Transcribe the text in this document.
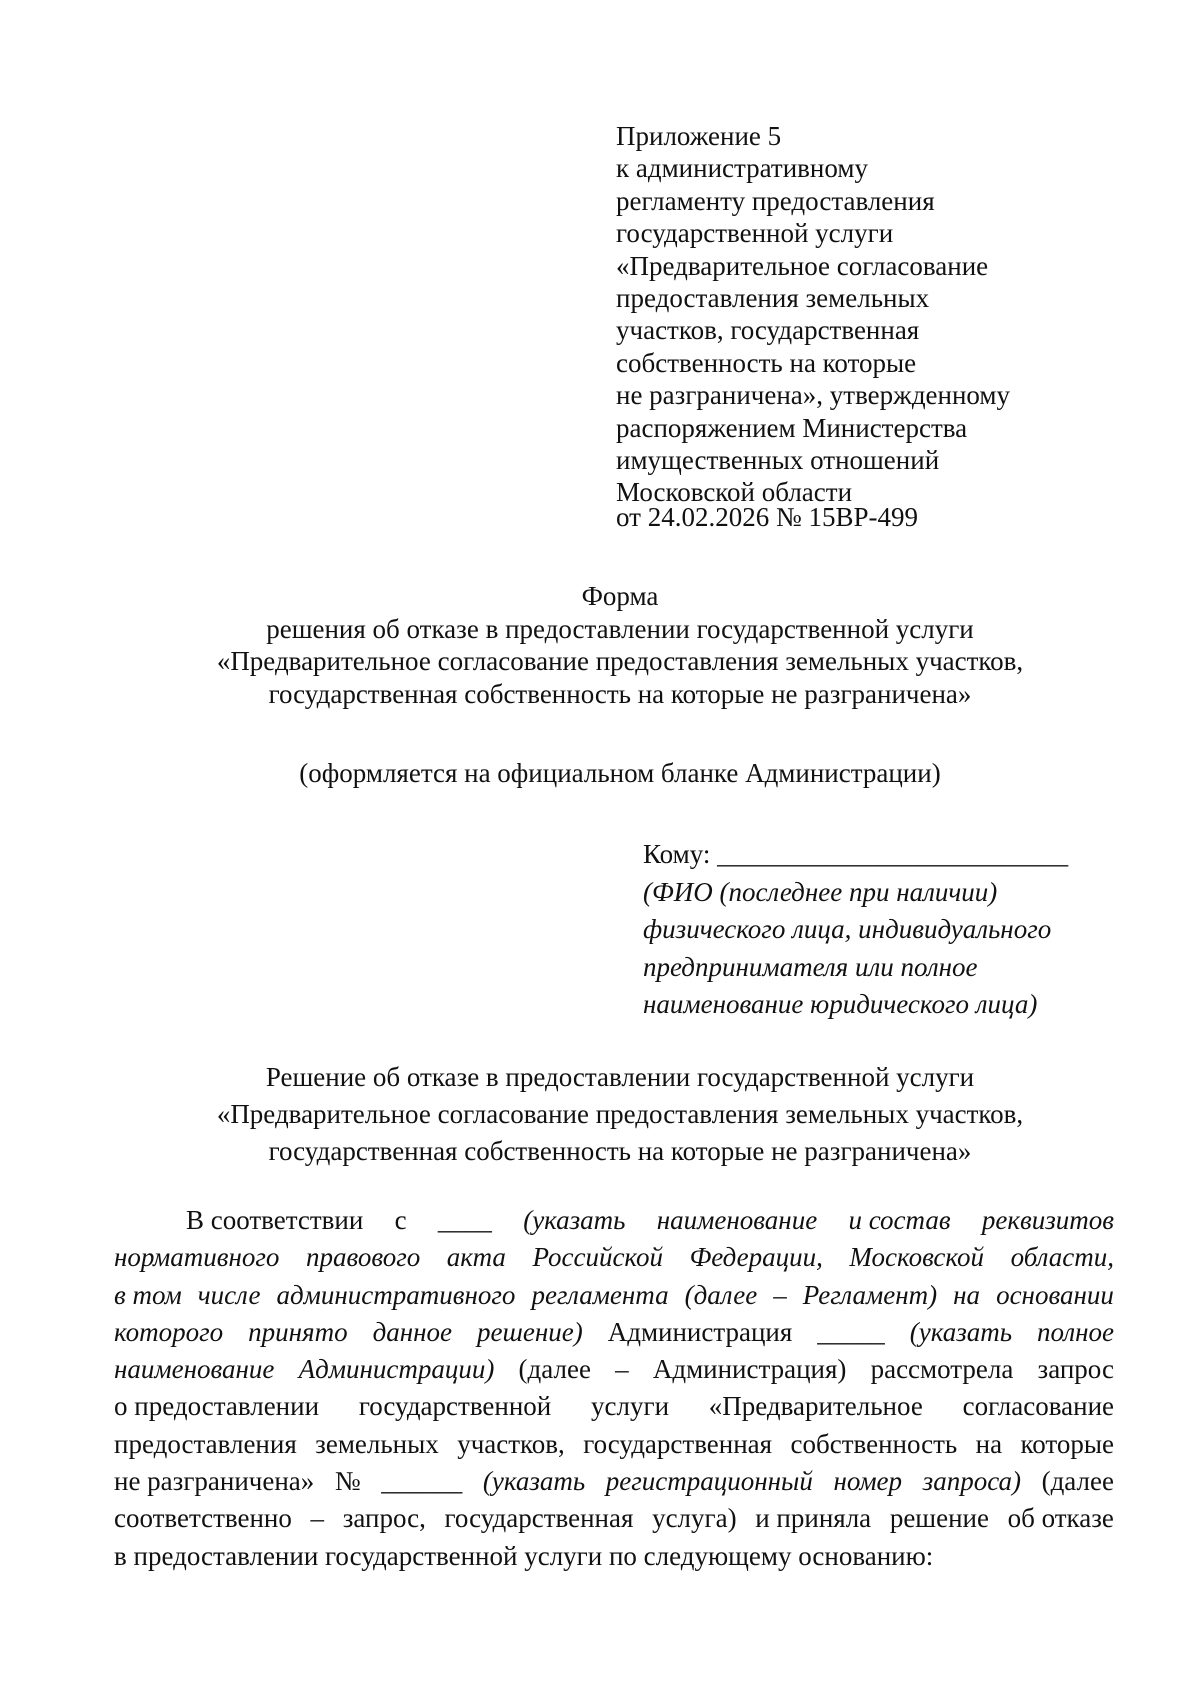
Приложение 5
к административному
регламенту предоставления
государственной услуги
«Предварительное согласование
предоставления земельных
участков, государственная
собственность на которые
не разграничена», утвержденному
распоряжением Министерства
имущественных отношений
Московской области
от 24.02.2026 № 15ВР-499
Форма
решения об отказе в предоставлении государственной услуги
«Предварительное согласование предоставления земельных участков,
государственная собственность на которые не разграничена»
(оформляется на официальном бланке Администрации)
Кому: __________________________
(ФИО (последнее при наличии)
физического лица, индивидуального
предпринимателя или полное
наименование юридического лица)
Решение об отказе в предоставлении государственной услуги
«Предварительное согласование предоставления земельных участков,
государственная собственность на которые не разграничена»
В соответствии с ____ (указать наименование и состав реквизитов
нормативного правового акта Российской Федерации, Московской области,
в том числе административного регламента (далее – Регламент) на основании
которого принято данное решение) Администрация _____ (указать полное
наименование Администрации) (далее – Администрация) рассмотрела запрос
о предоставлении государственной услуги «Предварительное согласование
предоставления земельных участков, государственная собственность на которые
не разграничена» № ______ (указать регистрационный номер запроса) (далее
соответственно – запрос, государственная услуга) и приняла решение об отказе
в предоставлении государственной услуги по следующему основанию:
